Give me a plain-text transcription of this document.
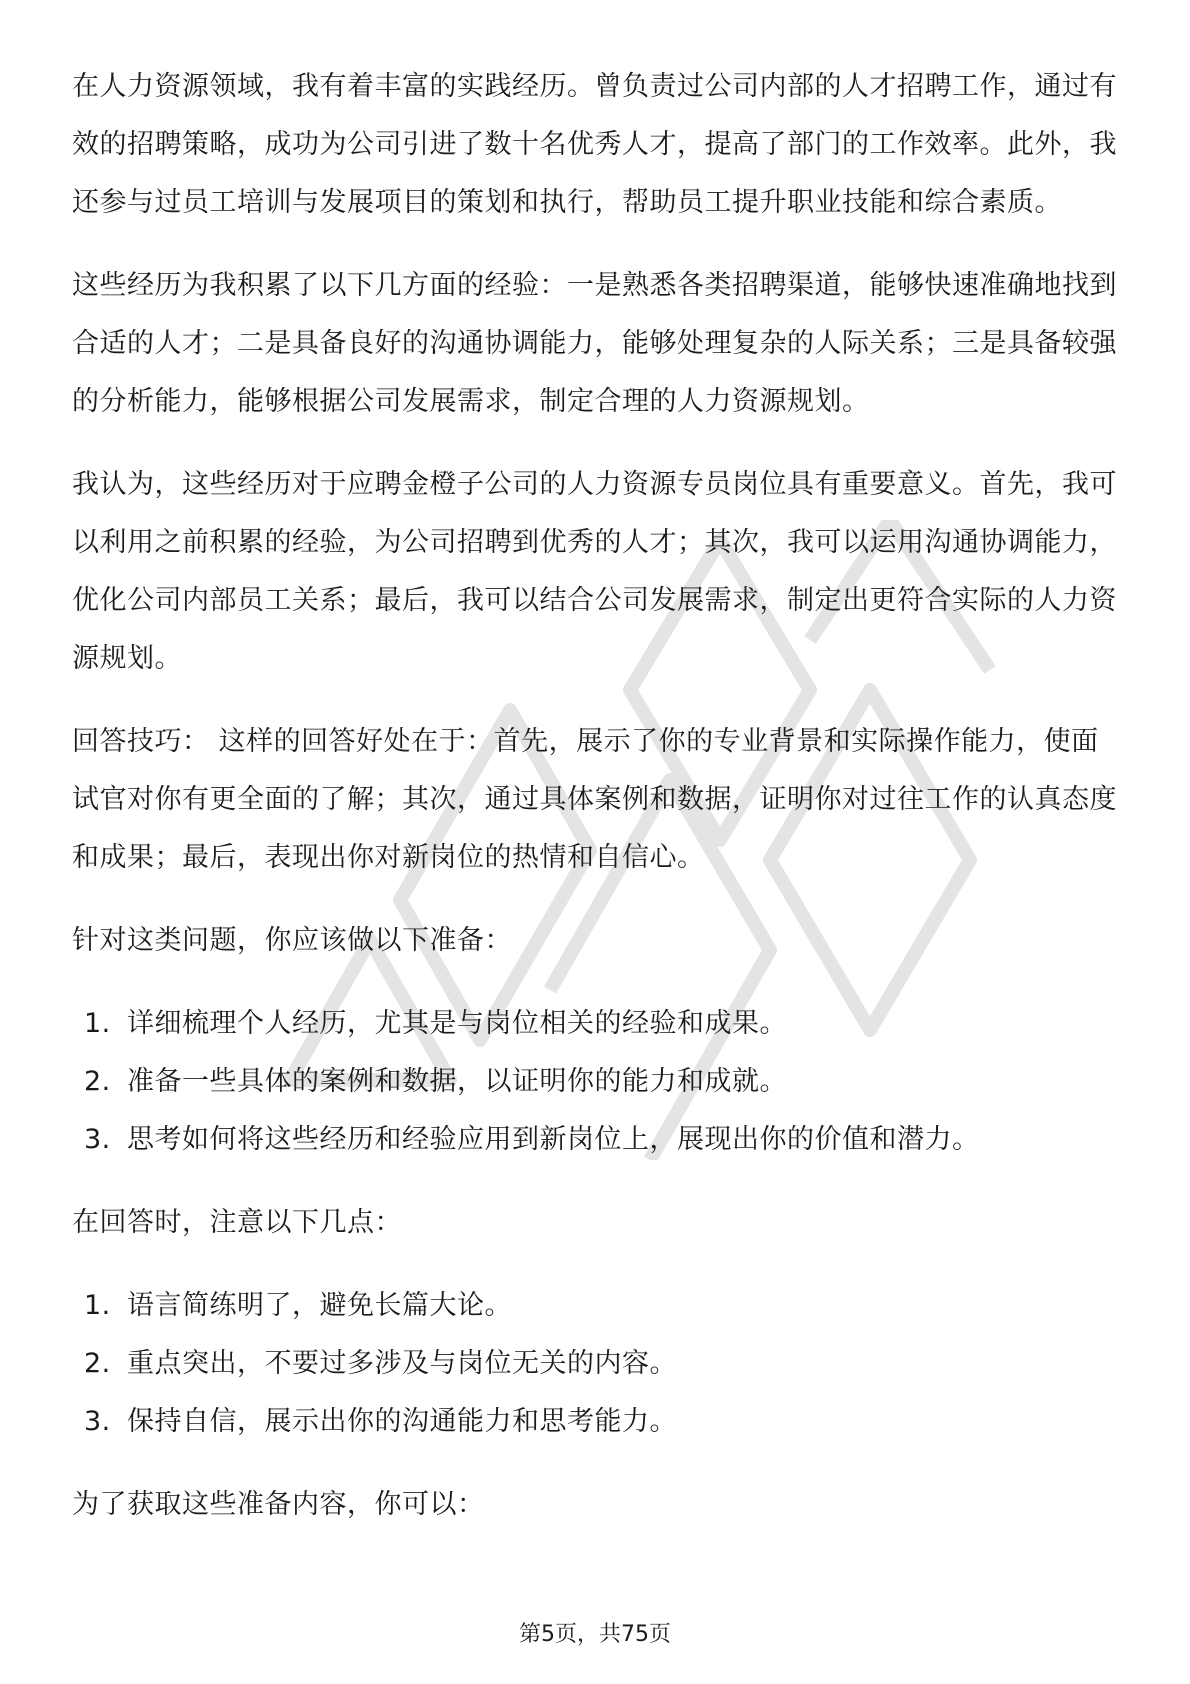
在人力资源领域，我有着丰富的实践经历。曾负责过公司内部的人才招聘工作，通过有效的招聘策略，成功为公司引进了数十名优秀人才，提高了部门的工作效率。此外，我还参与过员工培训与发展项目的策划和执行，帮助员工提升职业技能和综合素质。

这些经历为我积累了以下几方面的经验：一是熟悉各类招聘渠道，能够快速准确地找到合适的人才；二是具备良好的沟通协调能力，能够处理复杂的人际关系；三是具备较强的分析能力，能够根据公司发展需求，制定合理的人力资源规划。

我认为，这些经历对于应聘金橙子公司的人力资源专员岗位具有重要意义。首先，我可以利用之前积累的经验，为公司招聘到优秀的人才；其次，我可以运用沟通协调能力，优化公司内部员工关系；最后，我可以结合公司发展需求，制定出更符合实际的人力资源规划。

回答技巧： 这样的回答好处在于：首先，展示了你的专业背景和实际操作能力，使面试官对你有更全面的了解；其次，通过具体案例和数据，证明你对过往工作的认真态度和成果；最后，表现出你对新岗位的热情和自信心。

针对这类问题，你应该做以下准备：

1. 详细梳理个人经历，尤其是与岗位相关的经验和成果。
2. 准备一些具体的案例和数据，以证明你的能力和成就。
3. 思考如何将这些经历和经验应用到新岗位上，展现出你的价值和潜力。

在回答时，注意以下几点：

1. 语言简练明了，避免长篇大论。
2. 重点突出，不要过多涉及与岗位无关的内容。
3. 保持自信，展示出你的沟通能力和思考能力。

为了获取这些准备内容，你可以：

第5页，共75页
